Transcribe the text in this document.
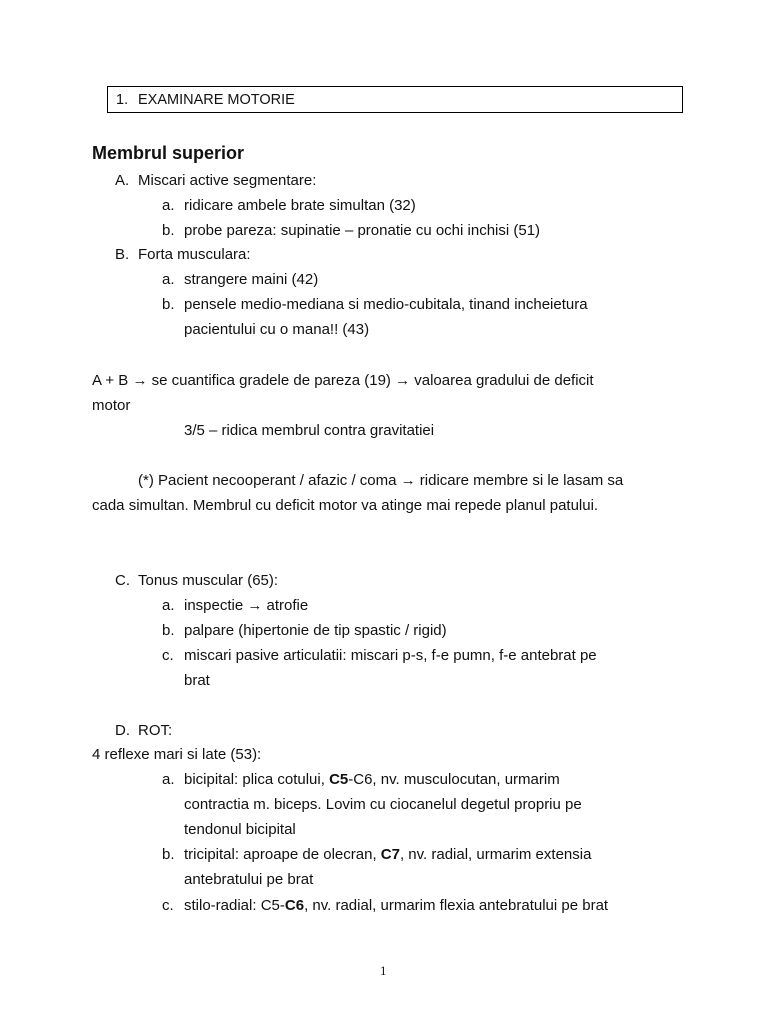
1. EXAMINARE MOTORIE
Membrul superior
A. Miscari active segmentare:
a. ridicare ambele brate simultan (32)
b. probe pareza: supinatie – pronatie cu ochi inchisi (51)
B. Forta musculara:
a. strangere maini (42)
b. pensele medio-mediana si medio-cubitala, tinand incheietura
pacientului cu o mana!! (43)
A + B → se cuantifica gradele de pareza (19) → valoarea gradului de deficit
motor
3/5 – ridica membrul contra gravitatiei
(*) Pacient necooperant / afazic / coma → ridicare membre si le lasam sa
cada simultan. Membrul cu deficit motor va atinge mai repede planul patului.
C. Tonus muscular (65):
a. inspectie → atrofie
b. palpare (hipertonie de tip spastic / rigid)
c. miscari pasive articulatii: miscari p-s, f-e pumn, f-e antebrat pe
brat
D. ROT:
4 reflexe mari si late (53):
a. bicipital: plica cotului, C5-C6, nv. musculocutan, urmarim
contractia m. biceps. Lovim cu ciocanelul degetul propriu pe
tendonul bicipital
b. tricipital: aproape de olecran, C7, nv. radial, urmarim extensia
antebratului pe brat
c. stilo-radial: C5-C6, nv. radial, urmarim flexia antebratului pe brat
1
